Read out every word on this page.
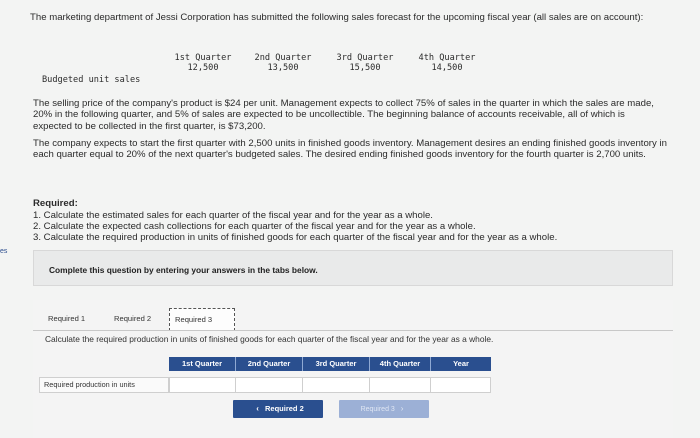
The marketing department of Jessi Corporation has submitted the following sales forecast for the upcoming fiscal year (all sales are on account):

Budgeted unit sales
1st Quarter	2nd Quarter	3rd Quarter	4th Quarter
12,500	13,500	15,500	14,500

The selling price of the company's product is $24 per unit. Management expects to collect 75% of sales in the quarter in which the sales are made, 20% in the following quarter, and 5% of sales are expected to be uncollectible. The beginning balance of accounts receivable, all of which is expected to be collected in the first quarter, is $73,200.

The company expects to start the first quarter with 2,500 units in finished goods inventory. Management desires an ending finished goods inventory in each quarter equal to 20% of the next quarter's budgeted sales. The desired ending finished goods inventory for the fourth quarter is 2,700 units.

Required:

1. Calculate the estimated sales for each quarter of the fiscal year and for the year as a whole.

2. Calculate the expected cash collections for each quarter of the fiscal year and for the year as a whole.

3. Calculate the required production in units of finished goods for each quarter of the fiscal year and for the year as a whole.

es
Complete this question by entering your answers in the tabs below.
Required 1	Required 2	Required 3
Calculate the required production in units of finished goods for each quarter of the fiscal year and for the year as a whole.
1st Quarter	2nd Quarter	3rd Quarter	4th Quarter	Year
Required production in units
‹ Required 2	Required 3 ›
